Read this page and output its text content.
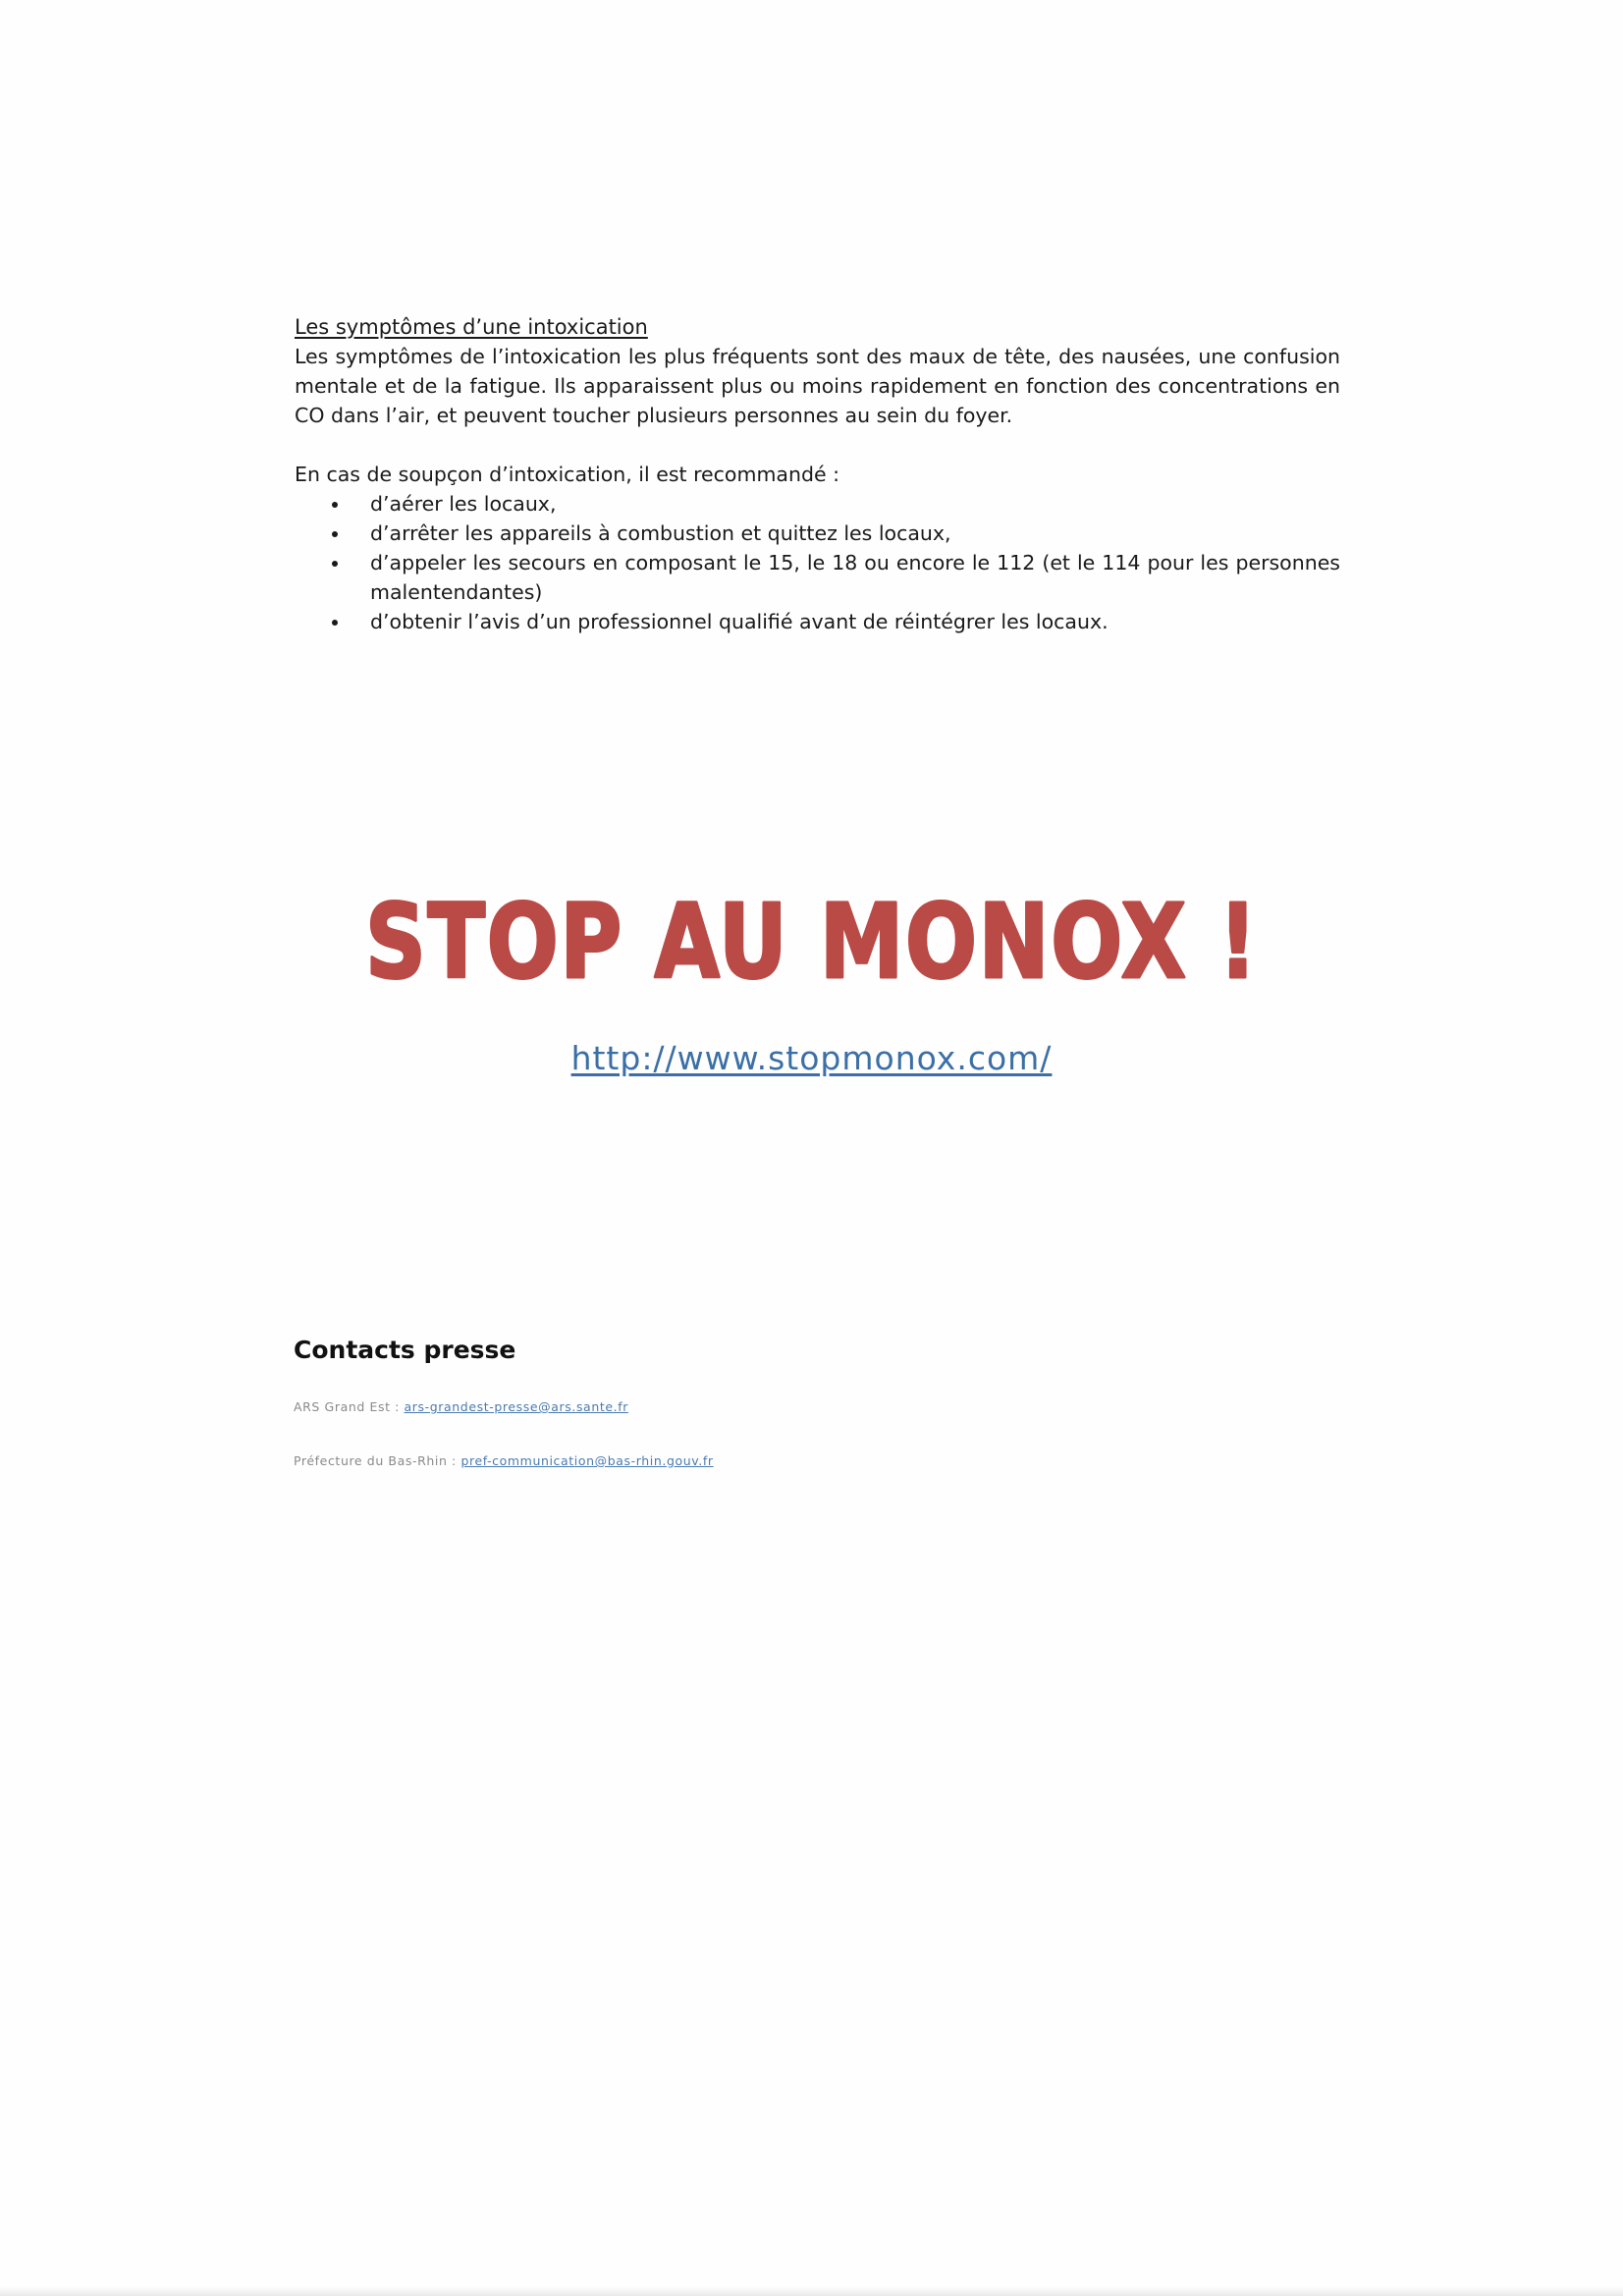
Les symptômes d’une intoxication

Les symptômes de l’intoxication les plus fréquents sont des maux de tête, des nausées, une confusion mentale et de la fatigue. Ils apparaissent plus ou moins rapidement en fonction des concentrations en CO dans l’air, et peuvent toucher plusieurs personnes au sein du foyer.

En cas de soupçon d’intoxication, il est recommandé :

d’aérer les locaux,
d’arrêter les appareils à combustion et quittez les locaux,
d’appeler les secours en composant le 15, le 18 ou encore le 112 (et le 114 pour les personnes malentendantes)
d’obtenir l’avis d’un professionnel qualifié avant de réintégrer les locaux.
STOP AU MONOX !
http://www.stopmonox.com/
Contacts presse

ARS Grand Est : ars-grandest-presse@ars.sante.fr

Préfecture du Bas-Rhin : pref-communication@bas-rhin.gouv.fr
